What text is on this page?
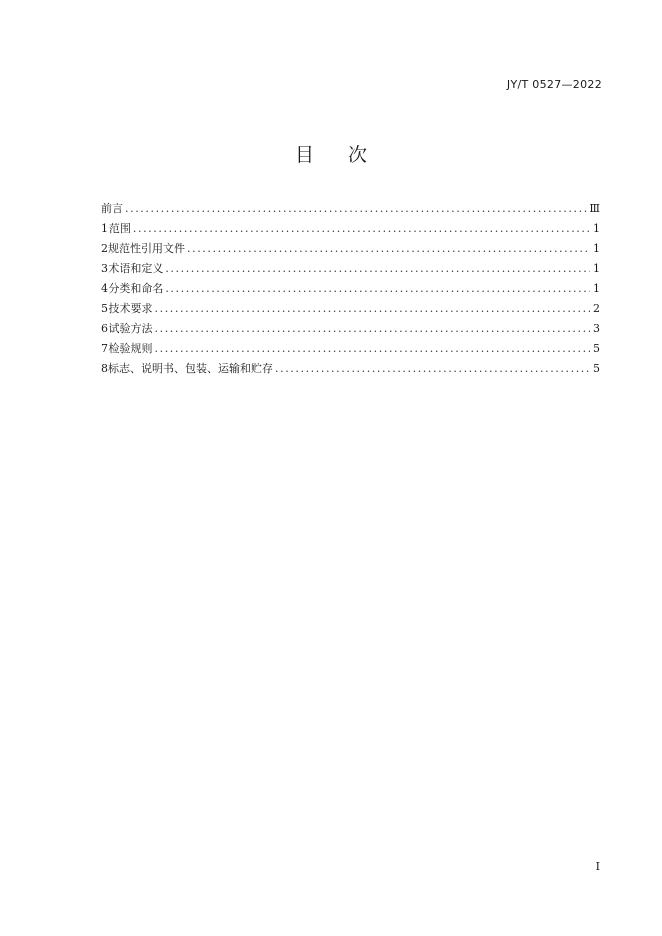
JY/T 0527—2022
目 次
前言 .....	Ⅲ
1 范围 .....	1
2 规范性引用文件 .....	1
3 术语和定义 .....	1
4 分类和命名 .....	1
5 技术要求 .....	2
6 试验方法 .....	3
7 检验规则 .....	5
8 标志、说明书、包装、运输和贮存 .....	5
I
